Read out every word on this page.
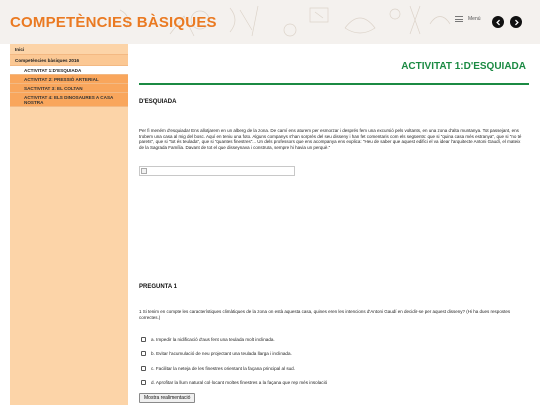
COMPETÈNCIES BÀSIQUES	Menú
Inici
Competències bàsiques 2016
ACTIVITAT 1:D'ESQUIADA
ACTIVITAT 2: PRESSIÓ ARTERIAL
SACTIVITAT 3: EL COLTAN
ACTIVITAT 4: ELS DINOSAURES A CASA NOSTRA
ACTIVITAT 1:D'ESQUIADA
D'ESQUIADA

Per fi meném d'esquiada! Ens allotjarem en un alberg de la zona. De camí ens aturem per esmorzar i després fem una excursió pels voltants, en una zona d'alta muntanya. Tot passejant, ens trobem una casa al mig del bosc. Aquí en teniu una foto. Alguns companys s'han sorprès del seu disseny i han fet comentaris com els següents: que si "quina casa més estranya", que si "no té parets", que si "tot és teulada", que si "quantes finestres"... Un dels professors que ens acompanya ens explica: "Heu de saber que aquest edifici el va idear l'arquitecte Antoni Gaudí, el mateix de la Sagrada Família. Davant de tot el que disseynava i construïa, sempre hi havia un perquè."

PREGUNTA 1

1 Si tenim en compte les característiques climàtiques de la zona on està aquesta casa, quines eren les intencions d'Antoni Gaudí en decidir-se per aquest disseny? (Hi ha dues respostes correctes.)

a. Impedir la nidificació d'aus fent una teulada molt inclinada.
b. Evitar l'acumulació de neu projectant una teulada llarga i inclinada.
c. Facilitar la neteja de les finestres orientant la façana principal al sud.
d. Aprofitar la llum natural col·locant moltes finestres a la façana que rep més insolació
Mostra realimentació
